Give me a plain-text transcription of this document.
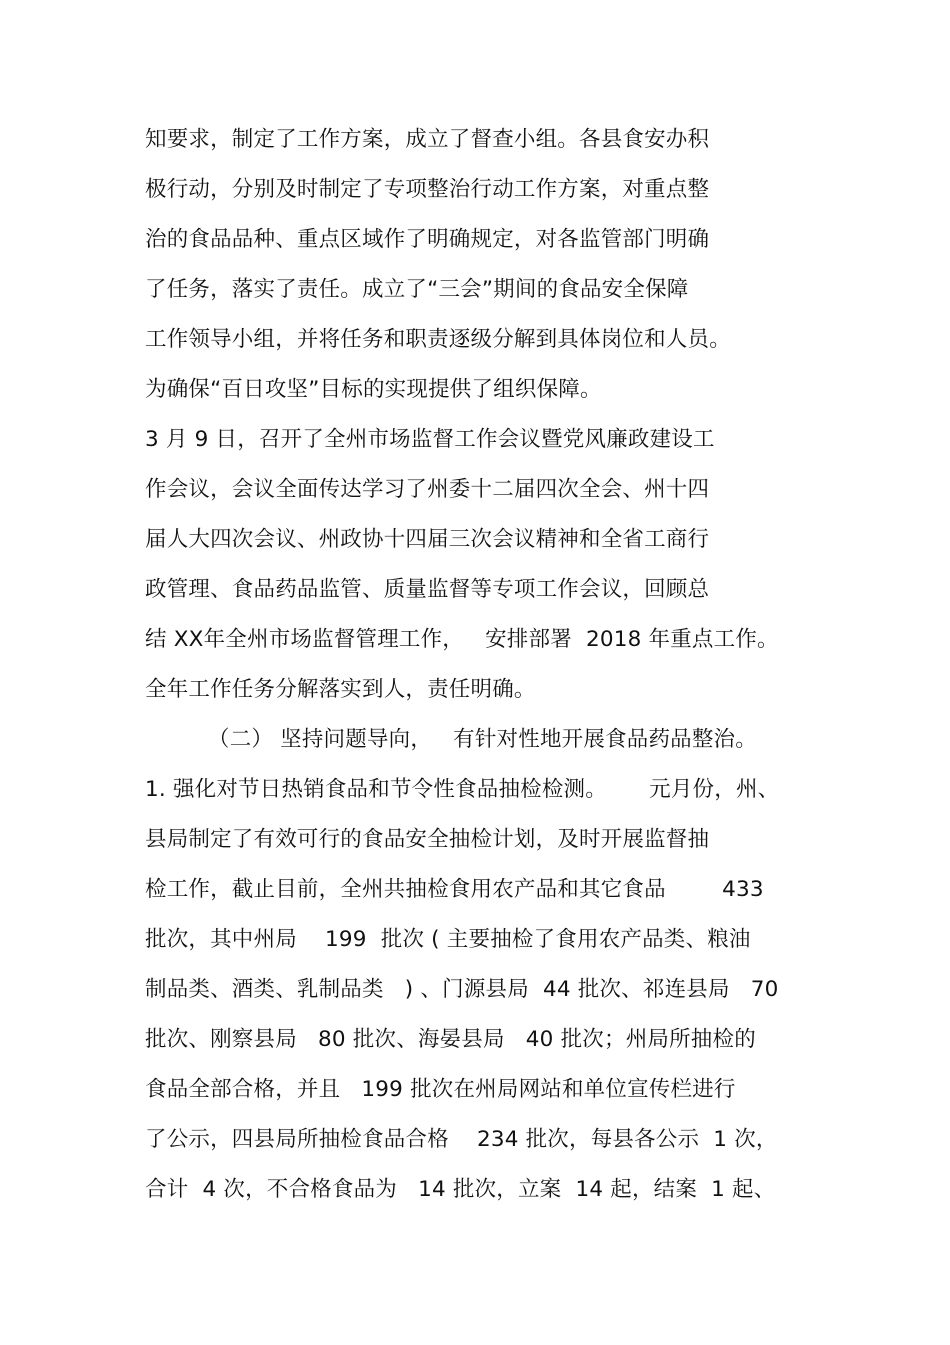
知要求，制定了工作方案，成立了督查小组。各县食安办积
极行动，分别及时制定了专项整治行动工作方案，对重点整
治的食品品种、重点区域作了明确规定，对各监管部门明确
了任务，落实了责任。成立了“三会”期间的食品安全保障
工作领导小组，并将任务和职责逐级分解到具体岗位和人员。
为确保“百日攻坚”目标的实现提供了组织保障。
3 月 9 日，召开了全州市场监督工作会议暨党风廉政建设工
作会议，会议全面传达学习了州委十二届四次全会、州十四
届人大四次会议、州政协十四届三次会议精神和全省工商行
政管理、食品药品监管、质量监督等专项工作会议，回顾总
结 XX年全州市场监督管理工作，   安排部署  2018 年重点工作。
全年工作任务分解落实到人，责任明确。
（二） 坚持问题导向，   有针对性地开展食品药品整治。
1. 强化对节日热销食品和节令性食品抽检检测。      元月份，州、
县局制定了有效可行的食品安全抽检计划，及时开展监督抽
检工作，截止目前，全州共抽检食用农产品和其它食品        433
批次，其中州局    199  批次 ( 主要抽检了食用农产品类、粮油
制品类、酒类、乳制品类   ) 、门源县局  44 批次、祁连县局   70
批次、刚察县局   80 批次、海晏县局   40 批次；州局所抽检的
食品全部合格，并且   199 批次在州局网站和单位宣传栏进行
了公示，四县局所抽检食品合格    234 批次，每县各公示  1 次，
合计  4 次，不合格食品为   14 批次，立案  14 起，结案  1 起、
